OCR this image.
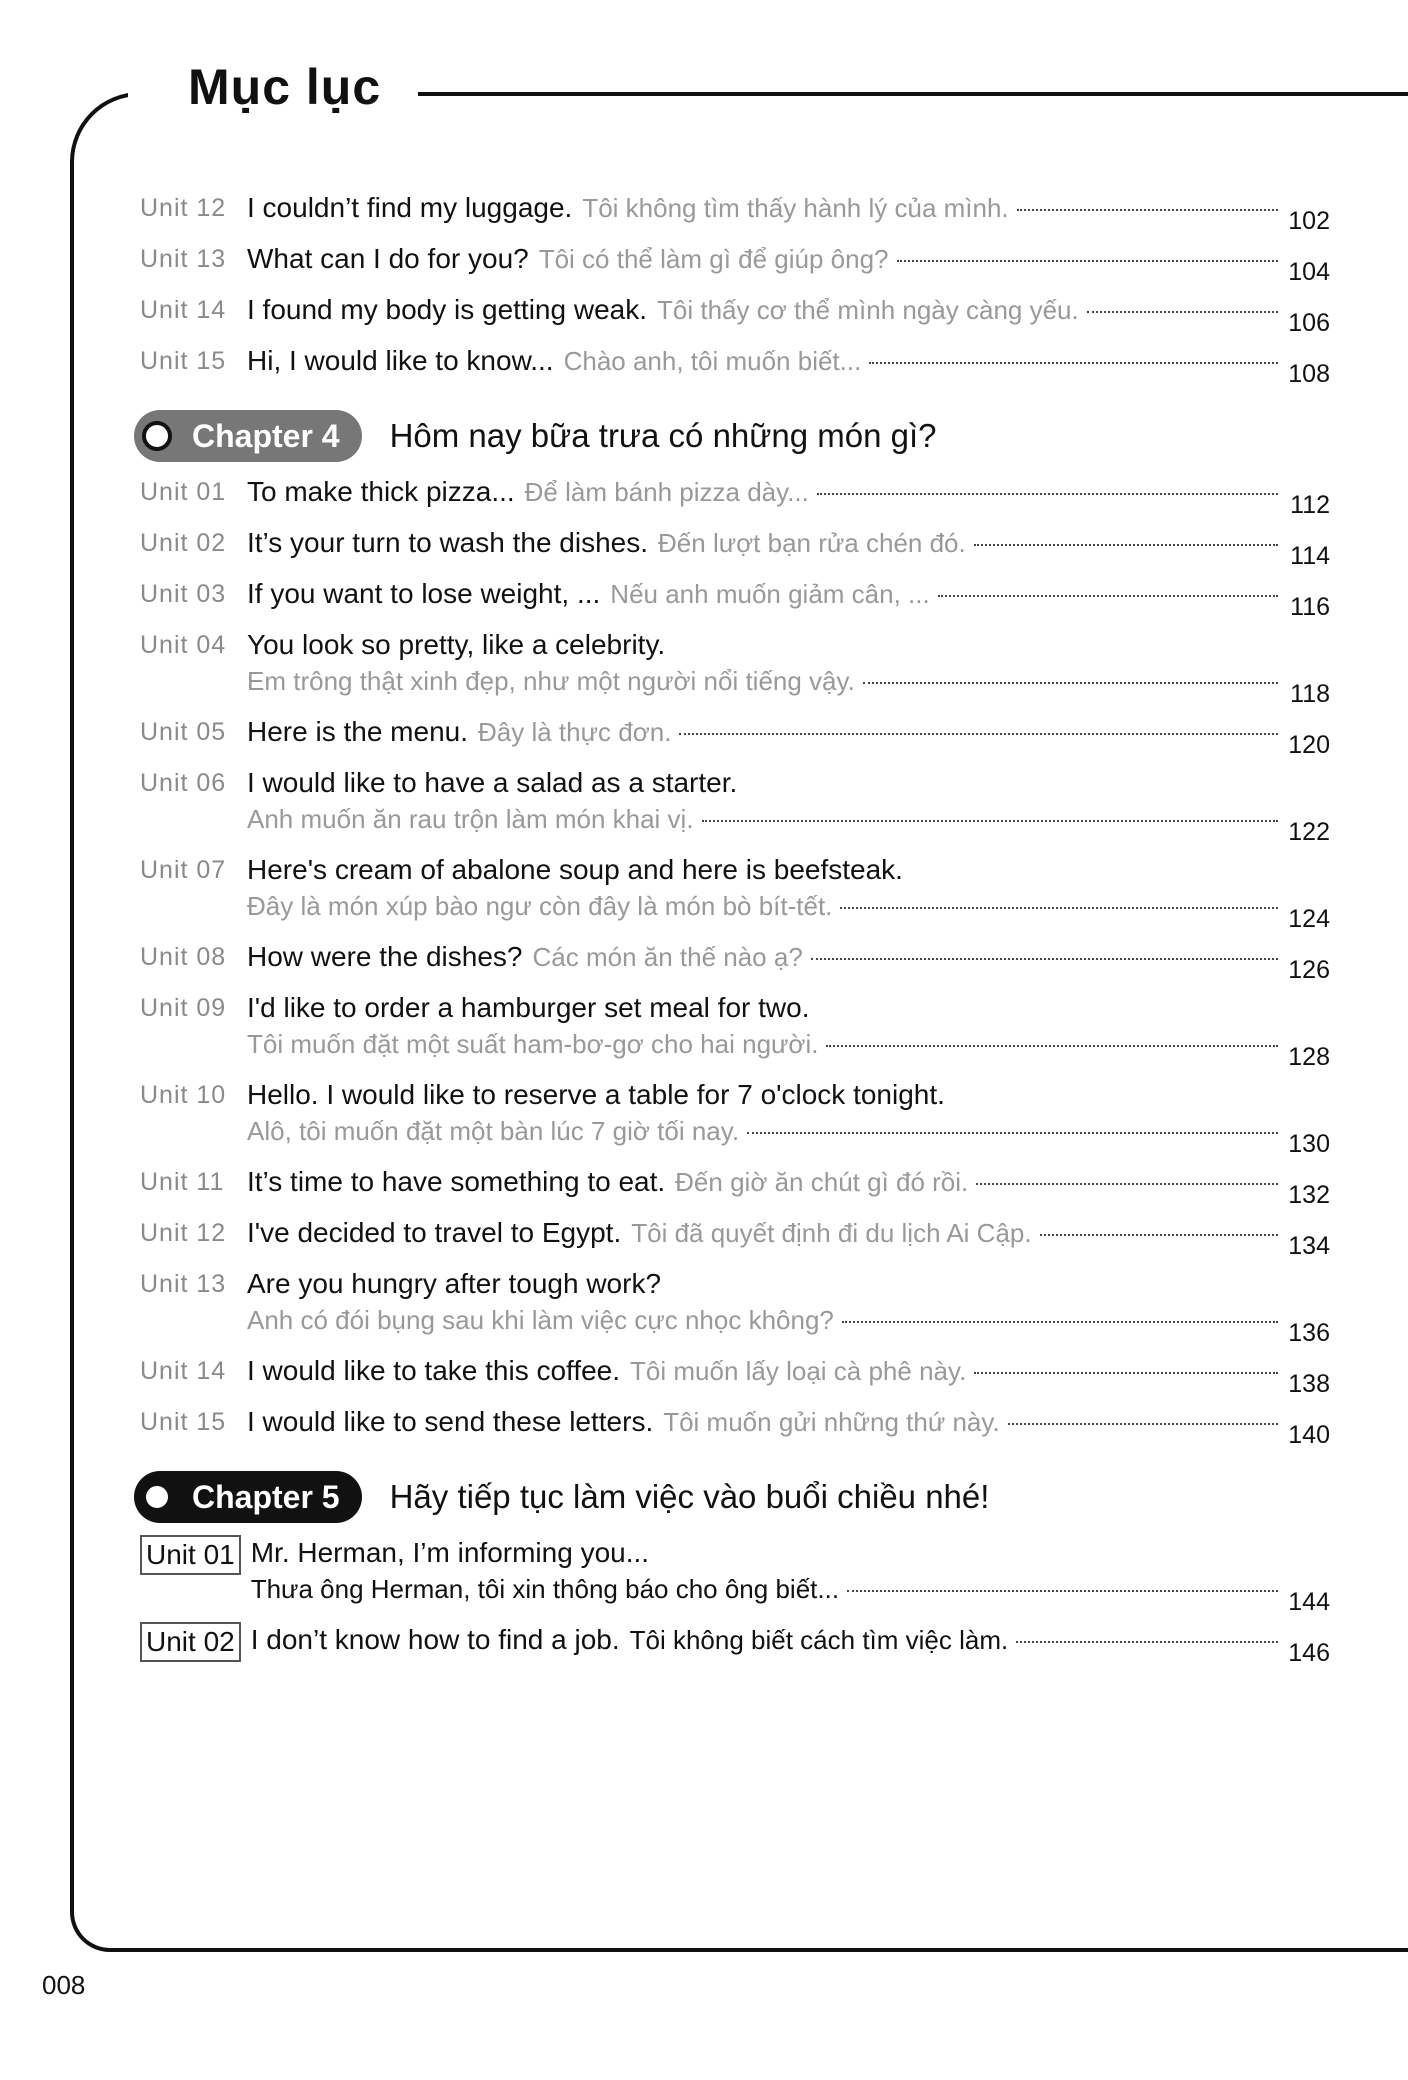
Mục lục
Unit 12 I couldn’t find my luggage. Tôi không tìm thấy hành lý của mình.	102
Unit 13 What can I do for you? Tôi có thể làm gì để giúp ông?	104
Unit 14 I found my body is getting weak. Tôi thấy cơ thể mình ngày càng yếu.	106
Unit 15 Hi, I would like to know... Chào anh, tôi muốn biết...	108
Chapter 4 Hôm nay bữa trưa có những món gì?
Unit 01 To make thick pizza... Để làm bánh pizza dày...	112
Unit 02 It’s your turn to wash the dishes. Đến lượt bạn rửa chén đó.	114
Unit 03 If you want to lose weight, ... Nếu anh muốn giảm cân, ...	116
Unit 04 You look so pretty, like a celebrity.
Em trông thật xinh đẹp, như một người nổi tiếng vậy.	118
Unit 05 Here is the menu. Đây là thực đơn.	120
Unit 06 I would like to have a salad as a starter.
Anh muốn ăn rau trộn làm món khai vị.	122
Unit 07 Here's cream of abalone soup and here is beefsteak.
Đây là món xúp bào ngư còn đây là món bò bít-tết.	124
Unit 08 How were the dishes? Các món ăn thế nào ạ?	126
Unit 09 I'd like to order a hamburger set meal for two.
Tôi muốn đặt một suất ham-bơ-gơ cho hai người.	128
Unit 10 Hello. I would like to reserve a table for 7 o'clock tonight.
Alô, tôi muốn đặt một bàn lúc 7 giờ tối nay.	130
Unit 11 It’s time to have something to eat. Đến giờ ăn chút gì đó rồi.	132
Unit 12 I've decided to travel to Egypt. Tôi đã quyết định đi du lịch Ai Cập.	134
Unit 13 Are you hungry after tough work?
Anh có đói bụng sau khi làm việc cực nhọc không?	136
Unit 14 I would like to take this coffee. Tôi muốn lấy loại cà phê này.	138
Unit 15 I would like to send these letters. Tôi muốn gửi những thứ này.	140
Chapter 5 Hãy tiếp tục làm việc vào buổi chiều nhé!
Unit 01 Mr. Herman, I’m informing you...
Thưa ông Herman, tôi xin thông báo cho ông biết...	144
Unit 02 I don’t know how to find a job. Tôi không biết cách tìm việc làm.	146
008
